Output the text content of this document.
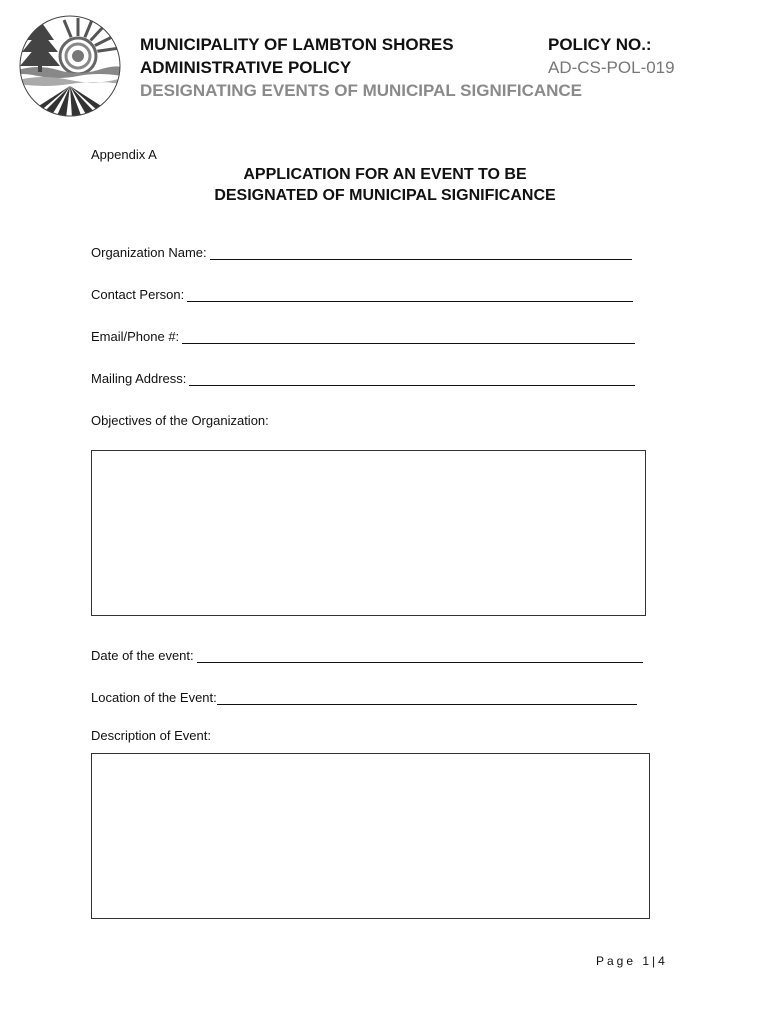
MUNICIPALITY OF LAMBTON SHORES
ADMINISTRATIVE POLICY
POLICY NO.:
AD-CS-POL-019
DESIGNATING EVENTS OF MUNICIPAL SIGNIFICANCE
Appendix A
APPLICATION FOR AN EVENT TO BE
DESIGNATED OF MUNICIPAL SIGNIFICANCE
Organization Name:
Contact Person:
Email/Phone #:
Mailing Address:
Objectives of the Organization:
Date of the event:
Location of the Event:
Description of Event:
Page 1|4
